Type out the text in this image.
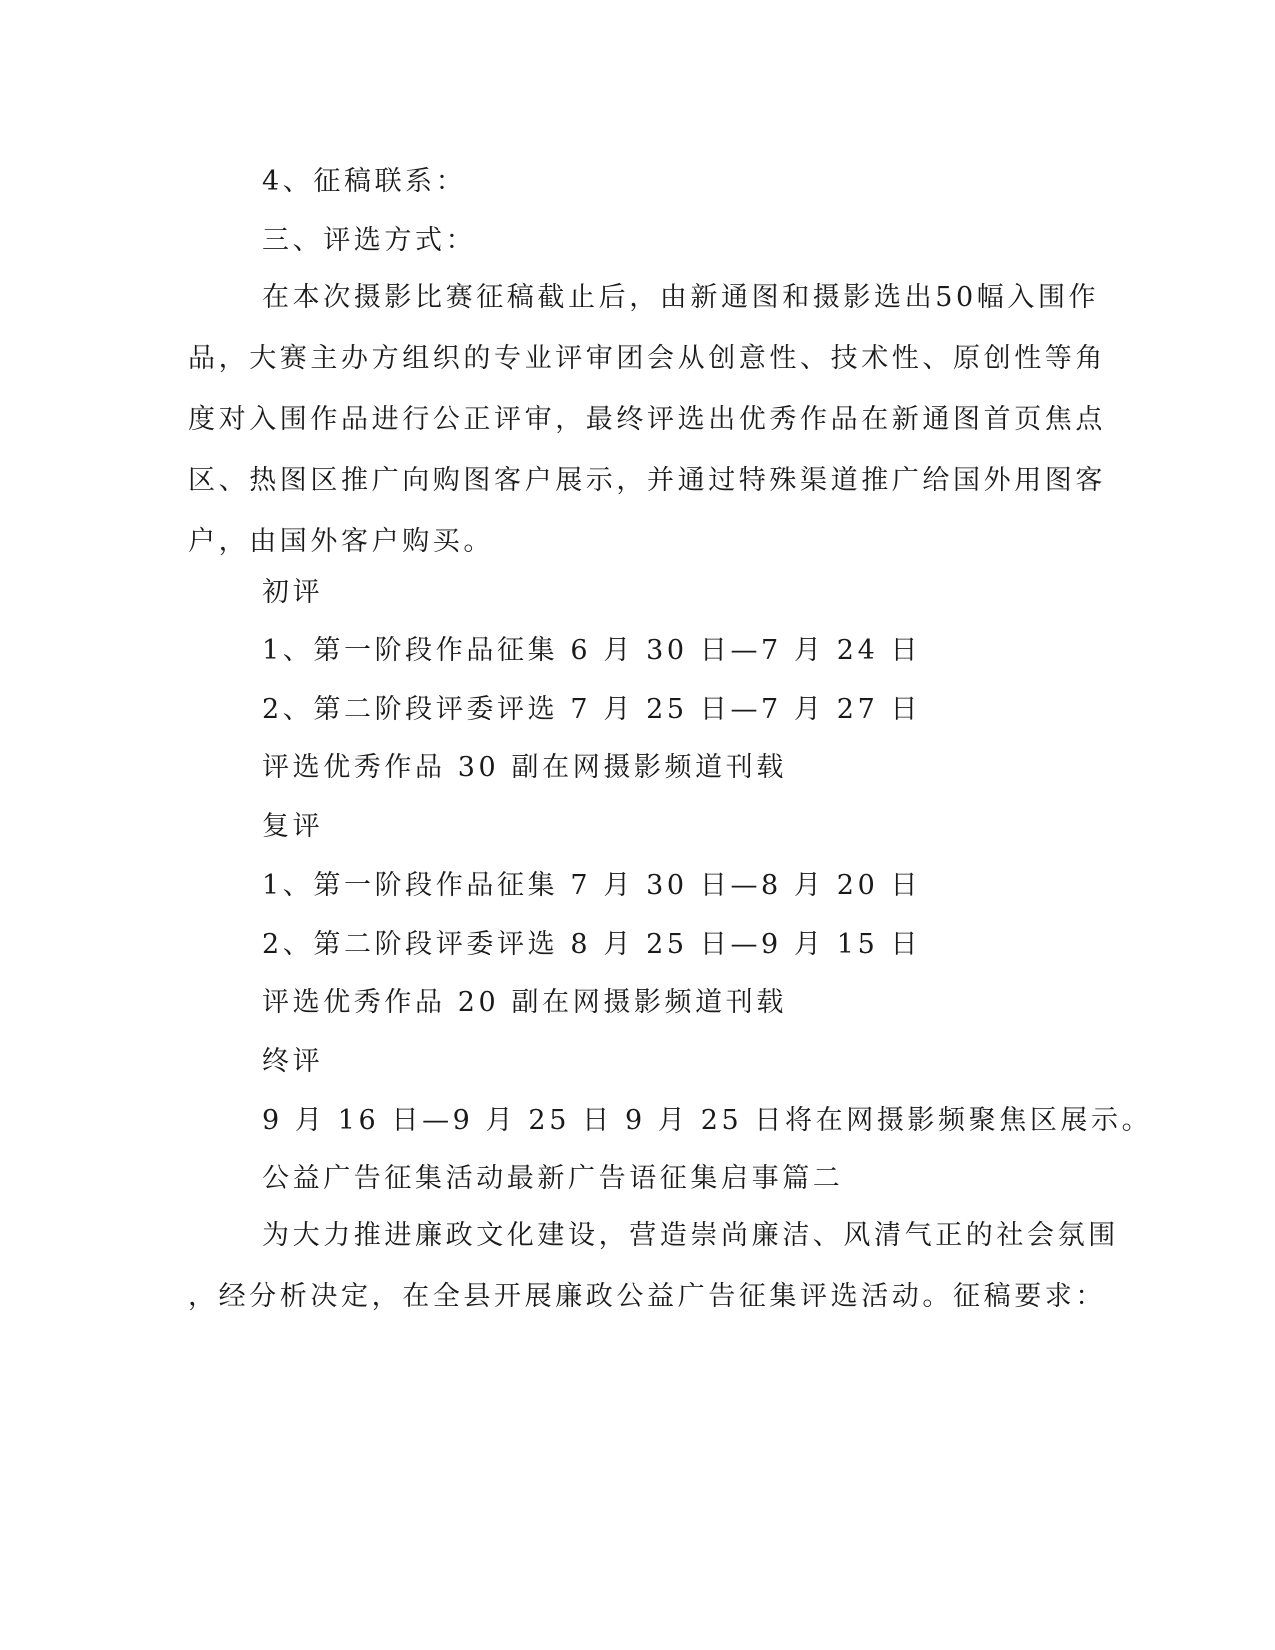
4、征稿联系：

三、评选方式：

在本次摄影比赛征稿截止后，由新通图和摄影选出50幅入围作
品，大赛主办方组织的专业评审团会从创意性、技术性、原创性等角
度对入围作品进行公正评审，最终评选出优秀作品在新通图首页焦点
区、热图区推广向购图客户展示，并通过特殊渠道推广给国外用图客
户，由国外客户购买。

初评

1、第一阶段作品征集 6 月 30 日—7 月 24 日

2、第二阶段评委评选 7 月 25 日—7 月 27 日

评选优秀作品 30 副在网摄影频道刊载

复评

1、第一阶段作品征集 7 月 30 日—8 月 20 日

2、第二阶段评委评选 8 月 25 日—9 月 15 日

评选优秀作品 20 副在网摄影频道刊载

终评

9 月 16 日—9 月 25 日 9 月 25 日将在网摄影频聚焦区展示。

公益广告征集活动最新广告语征集启事篇二

为大力推进廉政文化建设，营造崇尚廉洁、风清气正的社会氛围
，经分析决定，在全县开展廉政公益广告征集评选活动。征稿要求：
